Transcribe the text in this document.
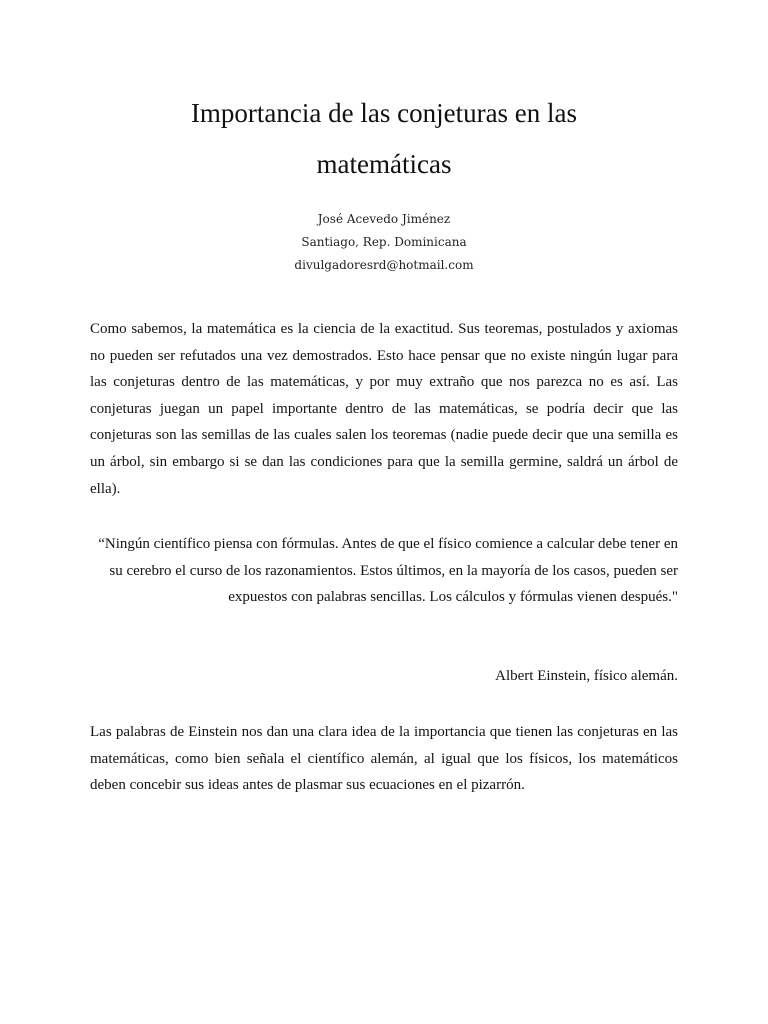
Importancia de las conjeturas en las
matemáticas
José Acevedo Jiménez
Santiago, Rep. Dominicana
divulgadoresrd@hotmail.com

Como sabemos, la matemática es la ciencia de la exactitud. Sus teoremas, postulados y axiomas no pueden ser refutados una vez demostrados. Esto hace pensar que no existe ningún lugar para las conjeturas dentro de las matemáticas, y por muy extraño que nos parezca no es así. Las conjeturas juegan un papel importante dentro de las matemáticas, se podría decir que las conjeturas son las semillas de las cuales salen los teoremas (nadie puede decir que una semilla es un árbol, sin embargo si se dan las condiciones para que la semilla germine, saldrá un árbol de ella).

“Ningún científico piensa con fórmulas. Antes de que el físico comience a calcular debe tener en su cerebro el curso de los razonamientos. Estos últimos, en la mayoría de los casos, pueden ser expuestos con palabras sencillas. Los cálculos y fórmulas vienen después."

Albert Einstein, físico alemán.

Las palabras de Einstein nos dan una clara idea de la importancia que tienen las conjeturas en las matemáticas, como bien señala el científico alemán, al igual que los físicos, los matemáticos deben concebir sus ideas antes de plasmar sus ecuaciones en el pizarrón.
